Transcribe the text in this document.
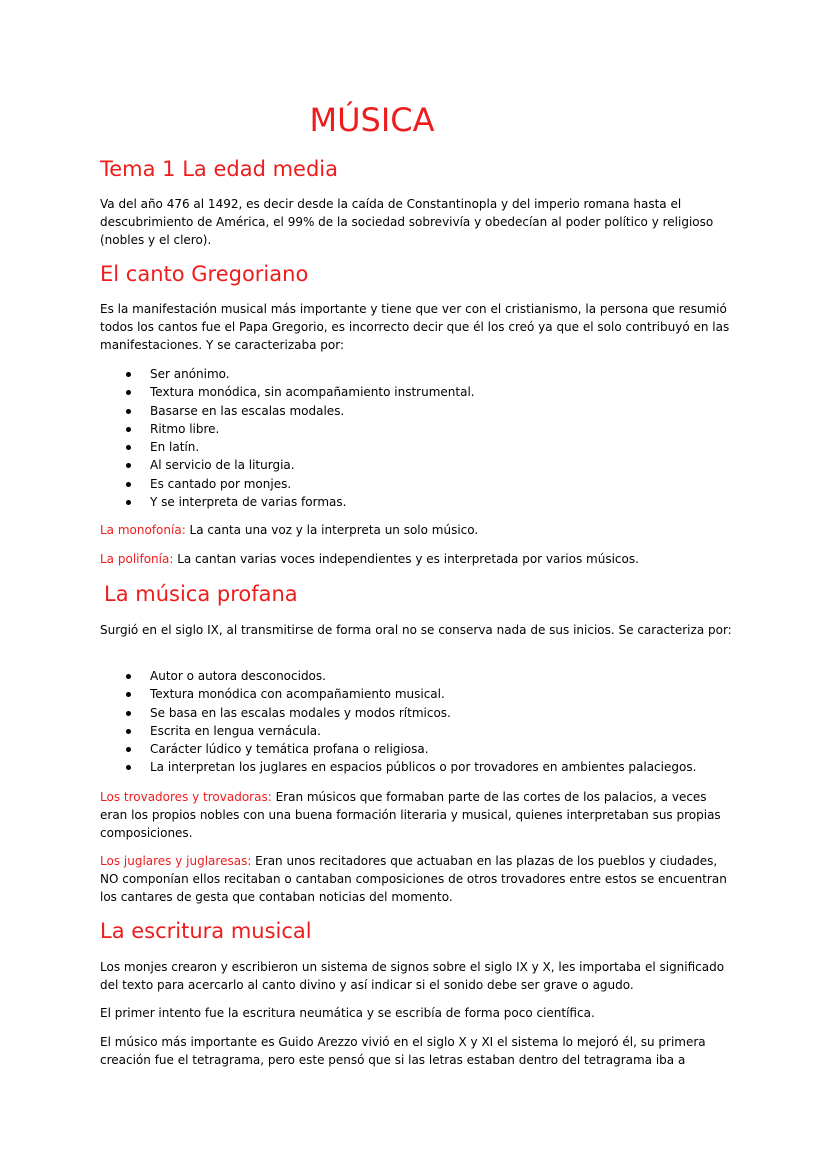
MÚSICA
Tema 1 La edad media

Va del año 476 al 1492, es decir desde la caída de Constantinopla y del imperio romana hasta el descubrimiento de América, el 99% de la sociedad sobrevivía y obedecían al poder político y religioso (nobles y el clero).

El canto Gregoriano

Es la manifestación musical más importante y tiene que ver con el cristianismo, la persona que resumió todos los cantos fue el Papa Gregorio, es incorrecto decir que él los creó ya que el solo contribuyó en las manifestaciones. Y se caracterizaba por:

Ser anónimo.
Textura monódica, sin acompañamiento instrumental.
Basarse en las escalas modales.
Ritmo libre.
En latín.
Al servicio de la liturgia.
Es cantado por monjes.
Y se interpreta de varias formas.

La monofonía: La canta una voz y la interpreta un solo músico.

La polifonía: La cantan varias voces independientes y es interpretada por varios músicos.

La música profana

Surgió en el siglo IX, al transmitirse de forma oral no se conserva nada de sus inicios. Se caracteriza por:

Autor o autora desconocidos.
Textura monódica con acompañamiento musical.
Se basa en las escalas modales y modos rítmicos.
Escrita en lengua vernácula.
Carácter lúdico y temática profana o religiosa.
La interpretan los juglares en espacios públicos o por trovadores en ambientes palaciegos.

Los trovadores y trovadoras: Eran músicos que formaban parte de las cortes de los palacios, a veces eran los propios nobles con una buena formación literaria y musical, quienes interpretaban sus propias composiciones.

Los juglares y juglaresas: Eran unos recitadores que actuaban en las plazas de los pueblos y ciudades, NO componían ellos recitaban o cantaban composiciones de otros trovadores entre estos se encuentran los cantares de gesta que contaban noticias del momento.

La escritura musical

Los monjes crearon y escribieron un sistema de signos sobre el siglo IX y X, les importaba el significado del texto para acercarlo al canto divino y así indicar si el sonido debe ser grave o agudo.

El primer intento fue la escritura neumática y se escribía de forma poco científica.

El músico más importante es Guido Arezzo vivió en el siglo X y XI el sistema lo mejoró él, su primera creación fue el tetragrama, pero este pensó que si las letras estaban dentro del tetragrama iba a
